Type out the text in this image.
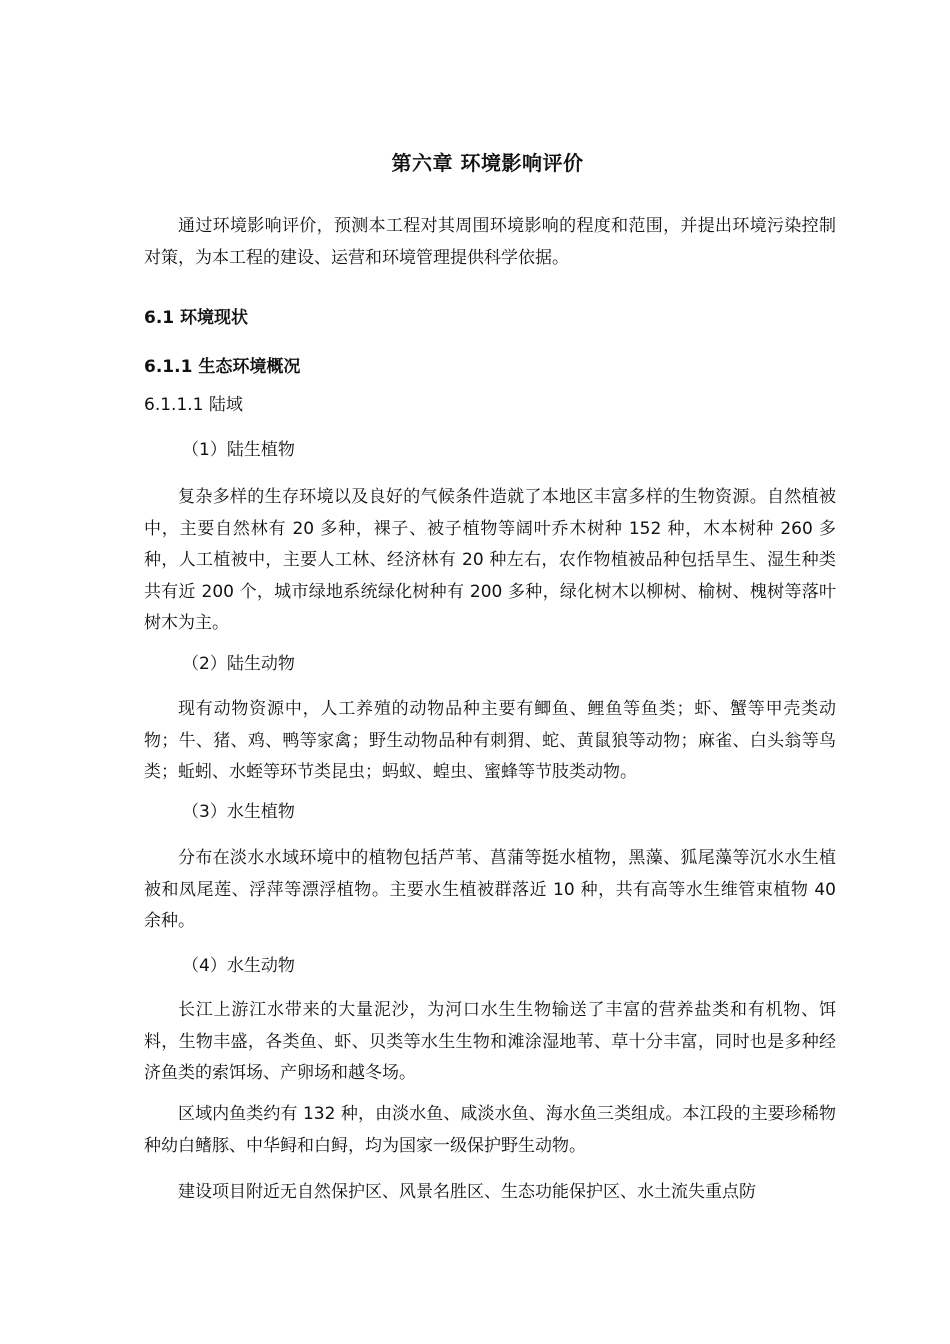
第六章 环境影响评价

通过环境影响评价，预测本工程对其周围环境影响的程度和范围，并提出环境污染控制对策，为本工程的建设、运营和环境管理提供科学依据。

6.1 环境现状

6.1.1 生态环境概况

6.1.1.1 陆域

（1）陆生植物

复杂多样的生存环境以及良好的气候条件造就了本地区丰富多样的生物资源。自然植被中，主要自然林有 20 多种，裸子、被子植物等阔叶乔木树种 152 种，木本树种 260 多种，人工植被中，主要人工林、经济林有 20 种左右，农作物植被品种包括旱生、湿生种类共有近 200 个，城市绿地系统绿化树种有 200 多种，绿化树木以柳树、榆树、槐树等落叶树木为主。

（2）陆生动物

现有动物资源中，人工养殖的动物品种主要有鲫鱼、鲤鱼等鱼类；虾、蟹等甲壳类动物；牛、猪、鸡、鸭等家禽；野生动物品种有刺猬、蛇、黄鼠狼等动物；麻雀、白头翁等鸟类；蚯蚓、水蛭等环节类昆虫；蚂蚁、蝗虫、蜜蜂等节肢类动物。

（3）水生植物

分布在淡水水域环境中的植物包括芦苇、菖蒲等挺水植物，黑藻、狐尾藻等沉水水生植被和凤尾莲、浮萍等漂浮植物。主要水生植被群落近 10 种，共有高等水生维管束植物 40 余种。

（4）水生动物

长江上游江水带来的大量泥沙，为河口水生生物输送了丰富的营养盐类和有机物、饵料，生物丰盛，各类鱼、虾、贝类等水生生物和滩涂湿地苇、草十分丰富，同时也是多种经济鱼类的索饵场、产卵场和越冬场。

区域内鱼类约有 132 种，由淡水鱼、咸淡水鱼、海水鱼三类组成。本江段的主要珍稀物种幼白鳍豚、中华鲟和白鲟，均为国家一级保护野生动物。

建设项目附近无自然保护区、风景名胜区、生态功能保护区、水土流失重点防
